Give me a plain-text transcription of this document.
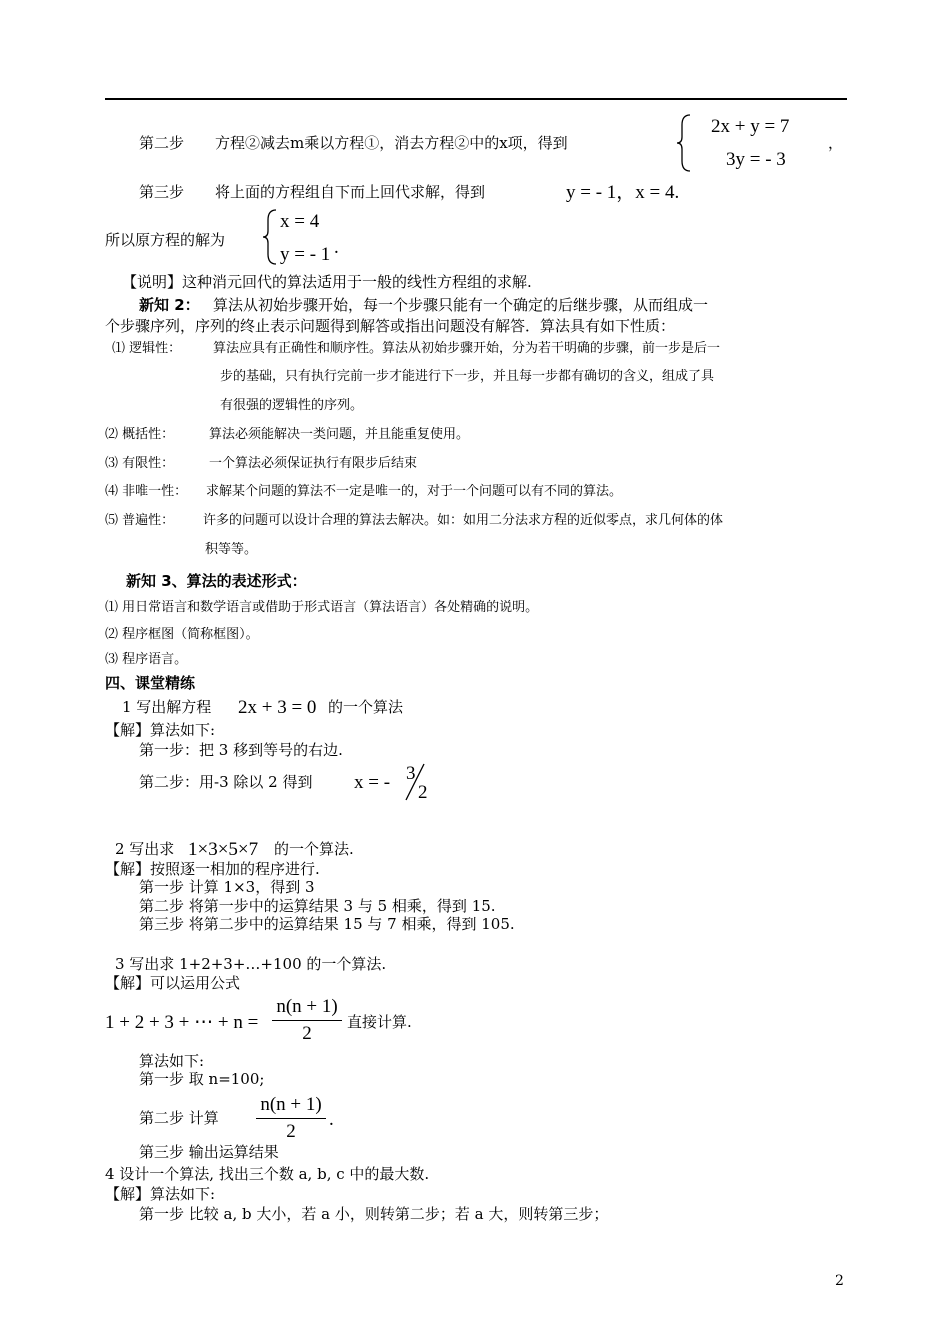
第二步 方程②减去m乘以方程①，消去方程②中的x项，得到
2x + y = 7
3y = - 3
，
第三步 将上面的方程组自下而上回代求解，得到	y = - 1，x = 4.
所以原方程的解为
x = 4
y = - 1 .
【说明】这种消元回代的算法适用于一般的线性方程组的求解.
新知 2： 算法从初始步骤开始，每一个步骤只能有一个确定的后继步骤，从而组成一
个步骤序列，序列的终止表示问题得到解答或指出问题没有解答．算法具有如下性质：
⑴ 逻辑性： 算法应具有正确性和顺序性。算法从初始步骤开始，分为若干明确的步骤，前一步是后一
步的基础，只有执行完前一步才能进行下一步，并且每一步都有确切的含义，组成了具
有很强的逻辑性的序列。
⑵ 概括性：	算法必须能解决一类问题，并且能重复使用。
⑶ 有限性：	一个算法必须保证执行有限步后结束
⑷ 非唯一性： 求解某个问题的算法不一定是唯一的，对于一个问题可以有不同的算法。
⑸ 普遍性： 许多的问题可以设计合理的算法去解决。如：如用二分法求方程的近似零点，求几何体的体
积等等。
新知 3、算法的表述形式：
⑴ 用日常语言和数学语言或借助于形式语言（算法语言）各处精确的说明。
⑵ 程序框图（简称框图）。
⑶ 程序语言。
四、课堂精练
1 写出解方程 2x + 3 = 0 的一个算法
【解】算法如下:
第一步：把 3 移到等号的右边.
第二步：用-3 除以 2 得到 x = - 3
2
2 写出求 1×3×5×7 的一个算法.
【解】按照逐一相加的程序进行.
第一步 计算 1×3，得到 3
第二步 将第一步中的运算结果 3 与 5 相乘，得到 15.
第三步 将第二步中的运算结果 15 与 7 相乘，得到 105.
3 写出求 1+2+3+…+100 的一个算法.
【解】可以运用公式
1 + 2 + 3 + ⋯ + n =
n(n + 1)
2
直接计算.
算法如下:
第一步 取 n=100;
第二步 计算
n(n + 1)
2
.
第三步 输出运算结果
4 设计一个算法, 找出三个数 a, b, c 中的最大数.
【解】算法如下:
第一步 比较 a, b 大小，若 a 小，则转第二步；若 a 大，则转第三步；
2
